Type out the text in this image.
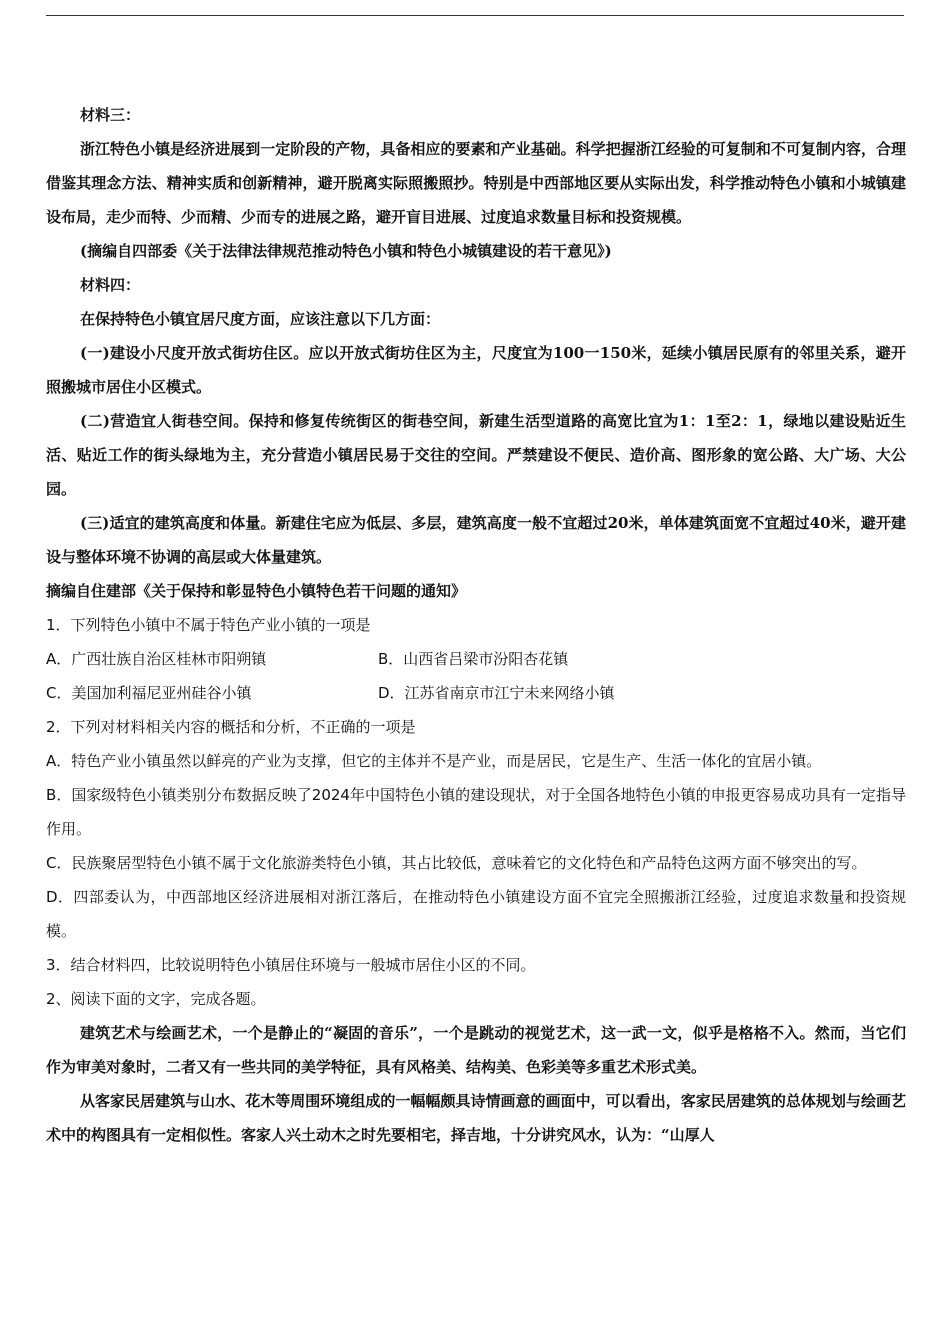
材料三：

浙江特色小镇是经济进展到一定阶段的产物，具备相应的要素和产业基础。科学把握浙江经验的可复制和不可复制内容，合理借鉴其理念方法、精神实质和创新精神，避开脱离实际照搬照抄。特别是中西部地区要从实际出发，科学推动特色小镇和小城镇建设布局，走少而特、少而精、少而专的进展之路，避开盲目进展、过度追求数量目标和投资规模。

(摘编自四部委《关于法律法律规范推动特色小镇和特色小城镇建设的若干意见》)

材料四：

在保持特色小镇宜居尺度方面，应该注意以下几方面：

(一)建设小尺度开放式街坊住区。应以开放式街坊住区为主，尺度宜为100一150米，延续小镇居民原有的邻里关系，避开照搬城市居住小区模式。

(二)营造宜人街巷空间。保持和修复传统街区的街巷空间，新建生活型道路的高宽比宜为1：1至2：1，绿地以建设贴近生活、贴近工作的街头绿地为主，充分营造小镇居民易于交往的空间。严禁建设不便民、造价高、图形象的宽公路、大广场、大公园。

(三)适宜的建筑高度和体量。新建住宅应为低层、多层，建筑高度一般不宜超过20米，单体建筑面宽不宜超过40米，避开建设与整体环境不协调的高层或大体量建筑。

摘编自住建部《关于保持和彰显特色小镇特色若干问题的通知》

1．下列特色小镇中不属于特色产业小镇的一项是

A．广西壮族自治区桂林市阳朔镇	B．山西省吕梁市汾阳杏花镇
C．美国加利福尼亚州硅谷小镇	D．江苏省南京市江宁未来网络小镇

2．下列对材料相关内容的概括和分析，不正确的一项是

A．特色产业小镇虽然以鲜亮的产业为支撑，但它的主体并不是产业，而是居民，它是生产、生活一体化的宜居小镇。

B．国家级特色小镇类别分布数据反映了2024年中国特色小镇的建设现状，对于全国各地特色小镇的申报更容易成功具有一定指导作用。

C．民族聚居型特色小镇不属于文化旅游类特色小镇，其占比较低，意味着它的文化特色和产品特色这两方面不够突出的写。

D．四部委认为，中西部地区经济进展相对浙江落后，在推动特色小镇建设方面不宜完全照搬浙江经验，过度追求数量和投资规模。

3．结合材料四，比较说明特色小镇居住环境与一般城市居住小区的不同。

2、阅读下面的文字，完成各题。

建筑艺术与绘画艺术，一个是静止的“凝固的音乐”，一个是跳动的视觉艺术，这一武一文，似乎是格格不入。然而，当它们作为审美对象时，二者又有一些共同的美学特征，具有风格美、结构美、色彩美等多重艺术形式美。

从客家民居建筑与山水、花木等周围环境组成的一幅幅颇具诗情画意的画面中，可以看出，客家民居建筑的总体规划与绘画艺术中的构图具有一定相似性。客家人兴土动木之时先要相宅，择吉地，十分讲究风水，认为：“山厚人
